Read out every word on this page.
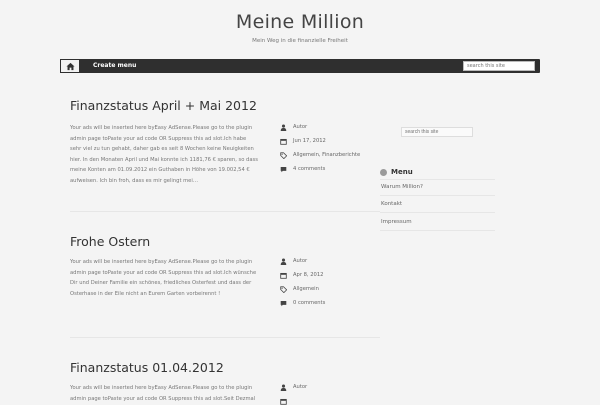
Meine Million
Mein Weg in die finanzielle Freiheit
Create menu
search this site
Finanzstatus April + Mai 2012
Your ads will be inserted here byEasy AdSense.Please go to the plugin
admin page toPaste your ad code OR Suppress this ad slot.Ich habe
sehr viel zu tun gehabt, daher gab es seit 8 Wochen keine Neuigkeiten
hier. In den Monaten April und Mai konnte ich 1181,76 € sparen, so dass
meine Konten am 01.09.2012 ein Guthaben in Höhe von 19.002,54 €
aufweisen. Ich bin froh, dass es mir gelingt mei…
Autor
Jun 17, 2012
Allgemein, Finanzberichte
4 comments
Frohe Ostern
Your ads will be inserted here byEasy AdSense.Please go to the plugin
admin page toPaste your ad code OR Suppress this ad slot.Ich wünsche
Dir und Deiner Familie ein schönes, friedliches Osterfest und dass der
Osterhase in der Eile nicht an Eurem Garten vorbeirennt !
Autor
Apr 8, 2012
Allgemein
0 comments
Finanzstatus 01.04.2012
Your ads will be inserted here byEasy AdSense.Please go to the plugin
admin page toPaste your ad code OR Suppress this ad slot.Seit Dezmal
Autor
search this site
Menu
Warum Million?
Kontakt
Impressum
